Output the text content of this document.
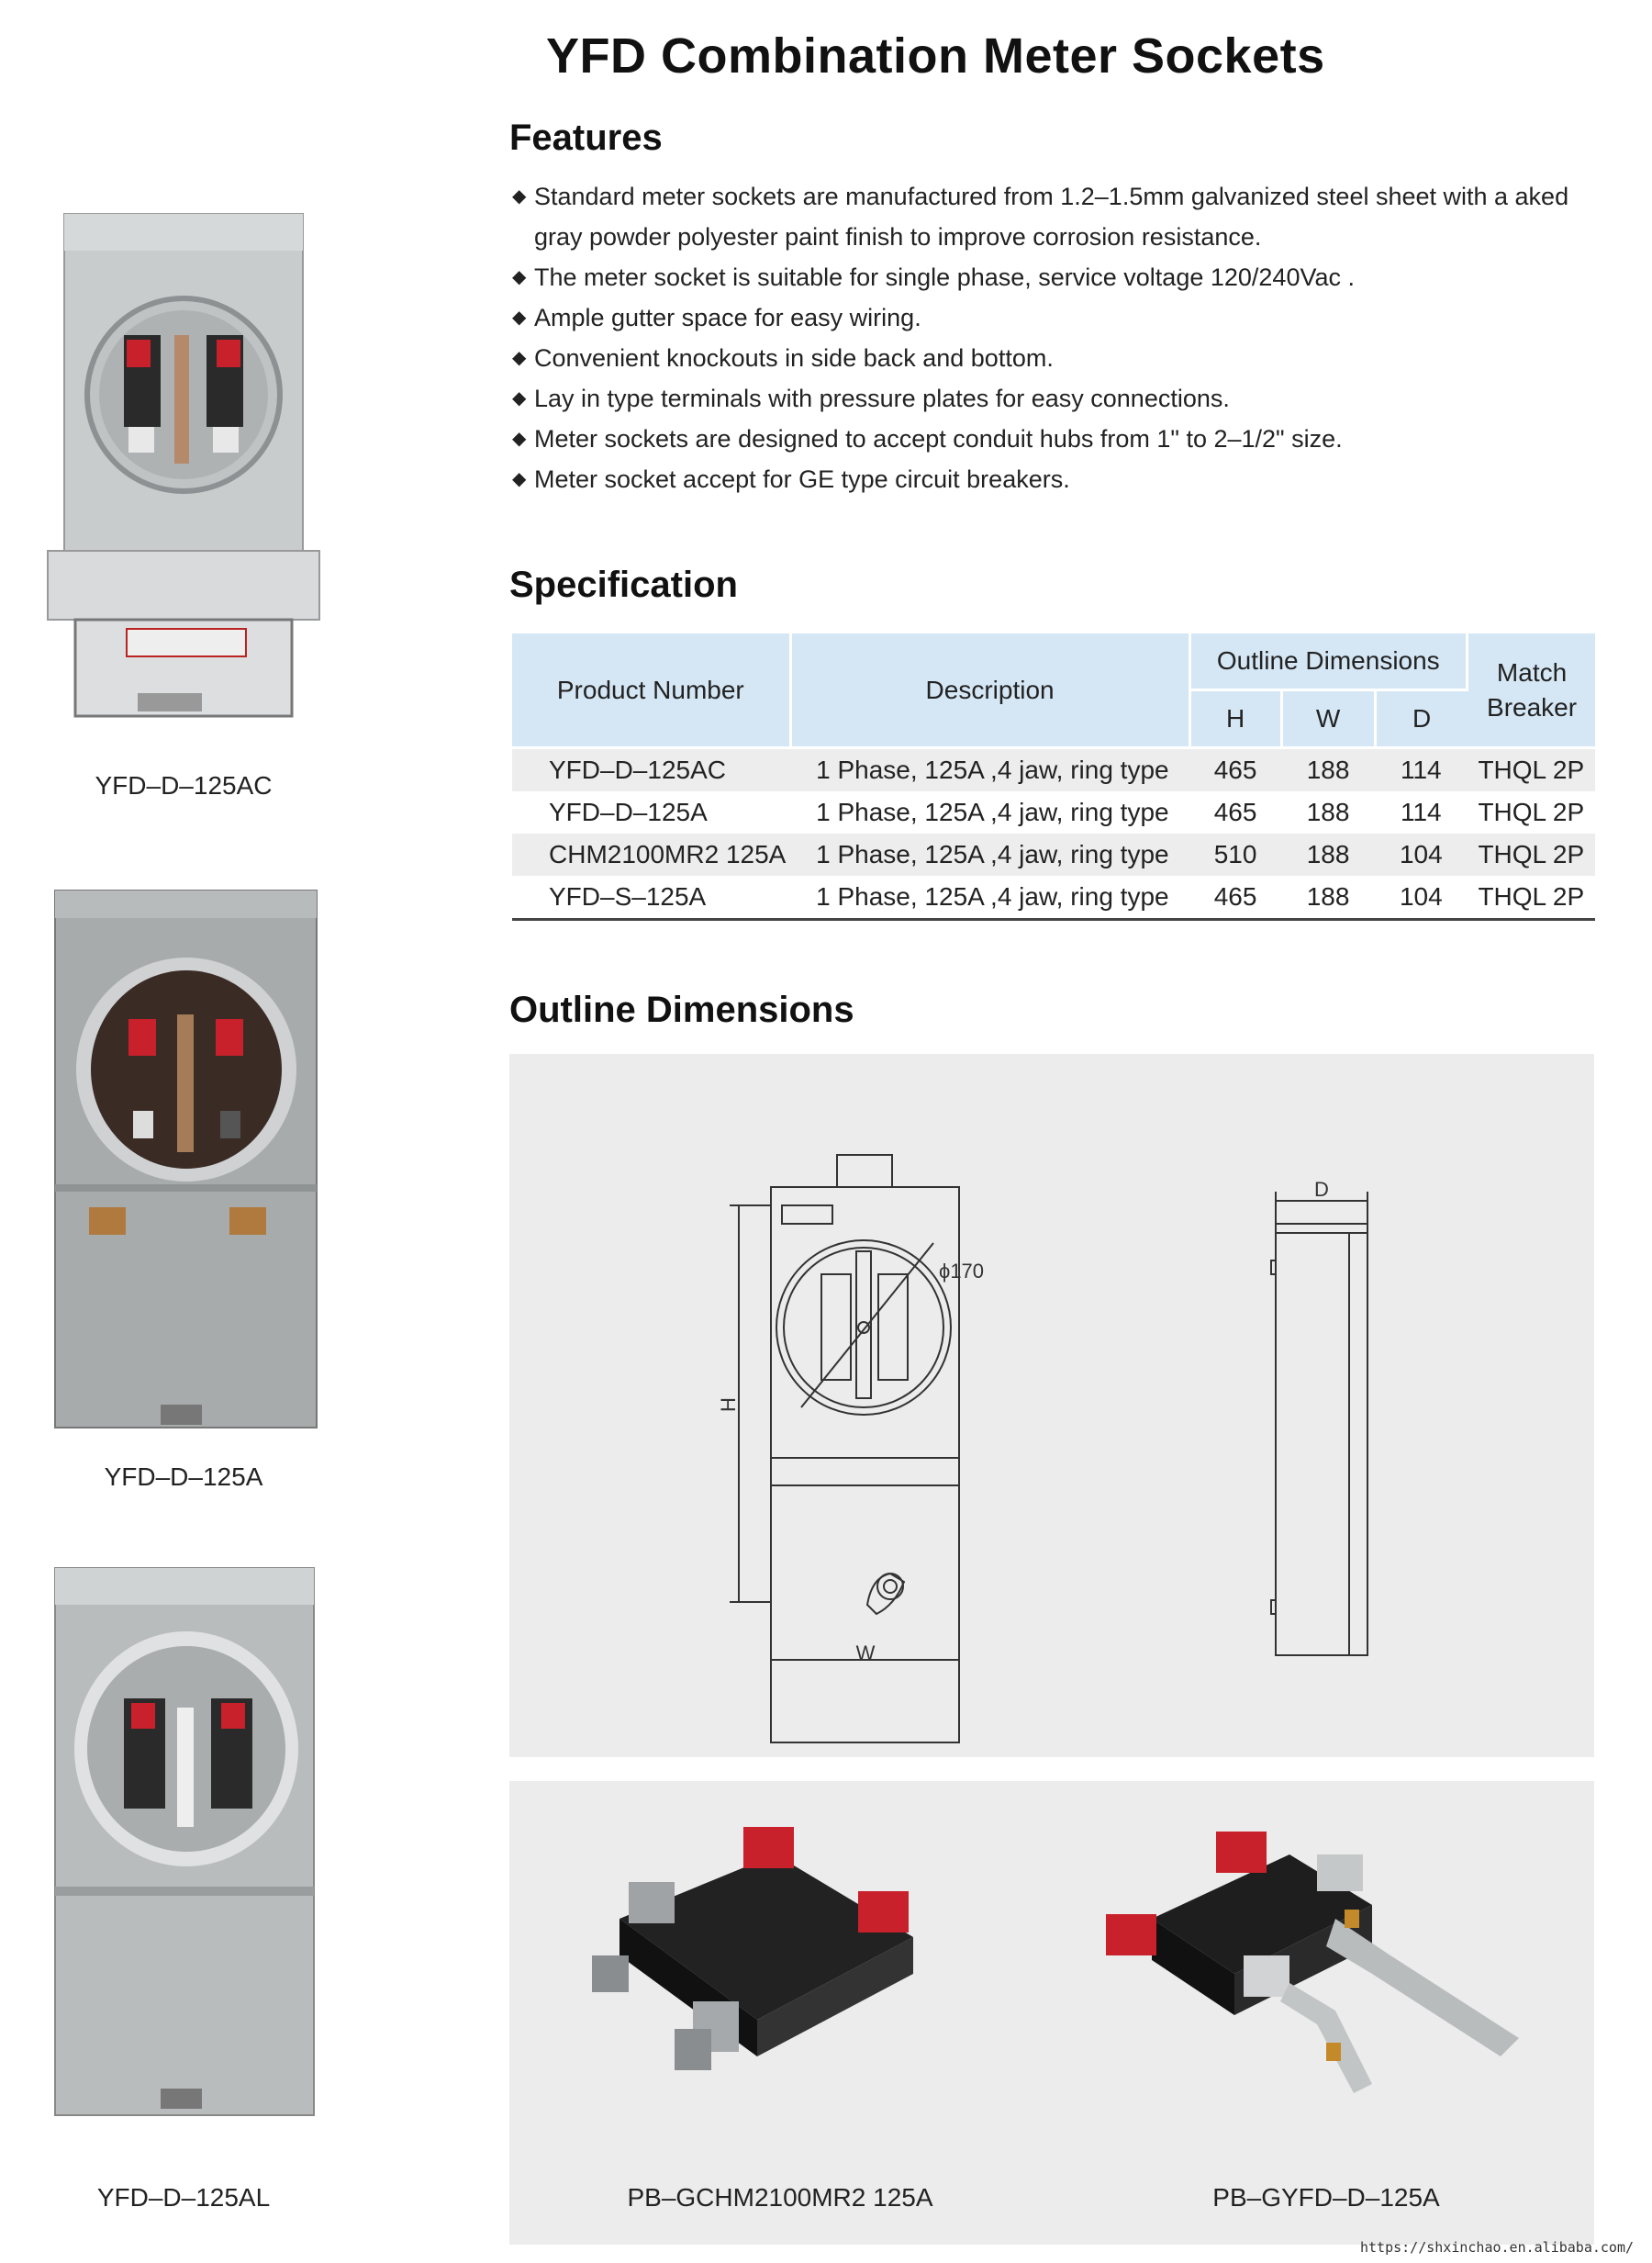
YFD Combination Meter Sockets
Features
◆ Standard meter sockets are manufactured from 1.2–1.5mm galvanized steel sheet with a aked gray powder polyester paint finish to improve corrosion resistance.
◆ The meter socket is suitable for single phase, service voltage 120/240Vac .
◆ Ample gutter space for easy wiring.
◆ Convenient knockouts in side back and bottom.
◆ Lay in type terminals with pressure plates for easy connections.
◆ Meter sockets are designed to accept conduit hubs from 1" to 2–1/2" size.
◆ Meter socket accept for GE type circuit breakers.
Specification
Product Number	Description	Outline Dimensions			Match Breaker
		H	W	D	
YFD–D–125AC	1 Phase, 125A ,4 jaw, ring type	465	188	114	THQL 2P
YFD–D–125A	1 Phase, 125A ,4 jaw, ring type	465	188	114	THQL 2P
CHM2100MR2 125A	1 Phase, 125A ,4 jaw, ring type	510	188	104	THQL 2P
YFD–S–125A	1 Phase, 125A ,4 jaw, ring type	465	188	104	THQL 2P
YFD–D–125AC
YFD–D–125A
YFD–D–125AL
Outline Dimensions
H
W
D
ϕ170
PB–GCHM2100MR2 125A	PB–GYFD–D–125A
https://shxinchao.en.alibaba.com/
